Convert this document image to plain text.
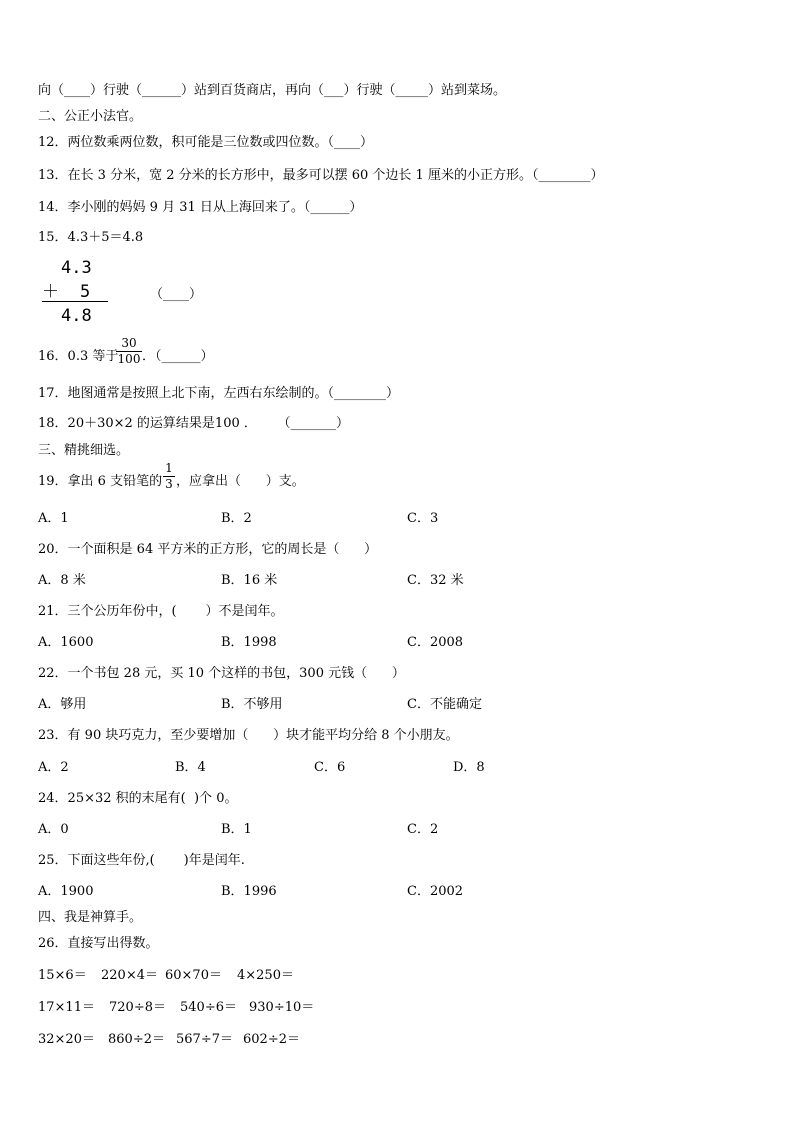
向（____）行驶（______）站到百货商店，再向（___）行驶（_____）站到菜场。
二、公正小法官。
12．两位数乘两位数，积可能是三位数或四位数。（____）
13．在长 3 分米，宽 2 分米的长方形中，最多可以摆 60 个边长 1 厘米的小正方形。（________）
14．李小刚的妈妈 9 月 31 日从上海回来了。（______）
15．4.3＋5＝4.8
4.3
＋ 5
4.8
（____）
16．0.3 等于
30
100 ．（______）
17．地图通常是按照上北下南，左西右东绘制的。（________）
18．20＋30×2 的运算结果是100 ．     （_______）
三、精挑细选。
19．拿出 6 支铅笔的
1
3 ，应拿出（      ）支。
A．1	B．2	C．3
20．一个面积是 64 平方米的正方形，它的周长是（      ）
A．8 米	B．16 米	C．32 米
21．三个公历年份中，(       ）不是闰年。
A．1600	B．1998	C．2008
22．一个书包 28 元，买 10 个这样的书包，300 元钱（      ）
A．够用	B．不够用	C．不能确定
23．有 90 块巧克力，至少要增加（      ）块才能平均分给 8 个小朋友。
A．2	B．4	C．6	D．8
24．25×32 积的末尾有(  )个 0。
A．0	B．1	C．2
25．下面这些年份,(       )年是闰年.
A．1900	B．1996	C．2002
四、我是神算手。
26．直接写出得数。
15×6＝ 220×4＝ 60×70＝ 4×250＝
17×11＝ 720÷8＝ 540÷6＝ 930÷10＝
32×20＝ 860÷2＝ 567÷7＝ 602÷2＝
